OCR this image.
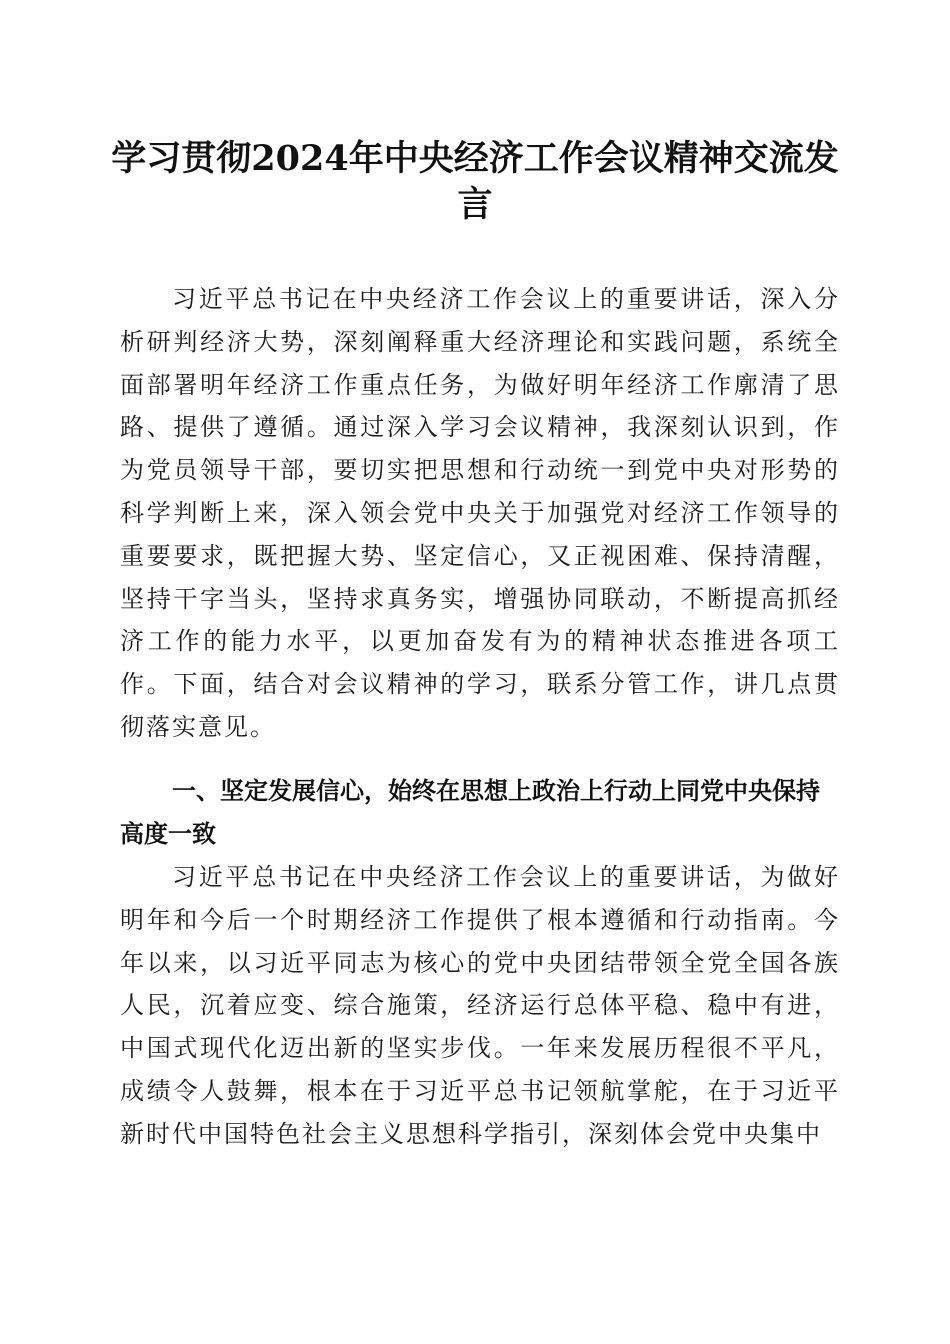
学习贯彻2024年中央经济工作会议精神交流发言

习近平总书记在中央经济工作会议上的重要讲话，深入分析研判经济大势，深刻阐释重大经济理论和实践问题，系统全面部署明年经济工作重点任务，为做好明年经济工作廓清了思路、提供了遵循。通过深入学习会议精神，我深刻认识到，作为党员领导干部，要切实把思想和行动统一到党中央对形势的科学判断上来，深入领会党中央关于加强党对经济工作领导的重要要求，既把握大势、坚定信心，又正视困难、保持清醒，坚持干字当头，坚持求真务实，增强协同联动，不断提高抓经济工作的能力水平，以更加奋发有为的精神状态推进各项工作。下面，结合对会议精神的学习，联系分管工作，讲几点贯彻落实意见。

一、坚定发展信心，始终在思想上政治上行动上同党中央保持高度一致

习近平总书记在中央经济工作会议上的重要讲话，为做好明年和今后一个时期经济工作提供了根本遵循和行动指南。今年以来，以习近平同志为核心的党中央团结带领全党全国各族人民，沉着应变、综合施策，经济运行总体平稳、稳中有进，中国式现代化迈出新的坚实步伐。一年来发展历程很不平凡，成绩令人鼓舞，根本在于习近平总书记领航掌舵，在于习近平新时代中国特色社会主义思想科学指引，深刻体会党中央集中
